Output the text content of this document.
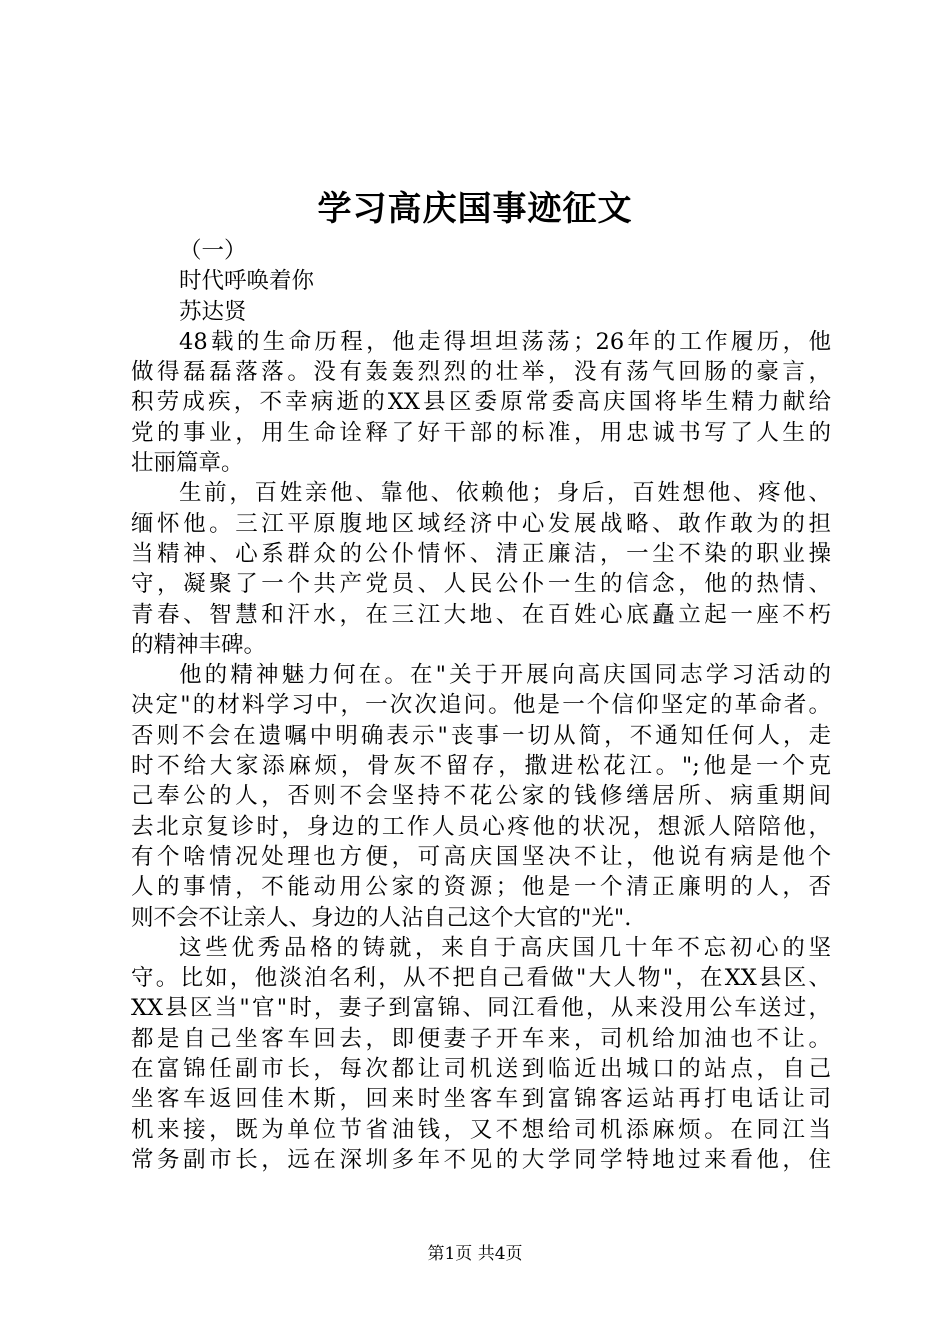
学习高庆国事迹征文
（一）
时代呼唤着你
苏达贤
48载的生命历程，他走得坦坦荡荡；26年的工作履历，他
做得磊磊落落。没有轰轰烈烈的壮举，没有荡气回肠的豪言，
积劳成疾，不幸病逝的XX县区委原常委高庆国将毕生精力献给
党的事业，用生命诠释了好干部的标准，用忠诚书写了人生的
壮丽篇章。
生前，百姓亲他、靠他、依赖他；身后，百姓想他、疼他、
缅怀他。三江平原腹地区域经济中心发展战略、敢作敢为的担
当精神、心系群众的公仆情怀、清正廉洁，一尘不染的职业操
守，凝聚了一个共产党员、人民公仆一生的信念，他的热情、
青春、智慧和汗水，在三江大地、在百姓心底矗立起一座不朽
的精神丰碑。
他的精神魅力何在。在"关于开展向高庆国同志学习活动的
决定"的材料学习中，一次次追问。他是一个信仰坚定的革命者。
否则不会在遗嘱中明确表示"丧事一切从简，不通知任何人，走
时不给大家添麻烦，骨灰不留存，撒进松花江。";他是一个克
己奉公的人，否则不会坚持不花公家的钱修缮居所、病重期间
去北京复诊时，身边的工作人员心疼他的状况，想派人陪陪他，
有个啥情况处理也方便，可高庆国坚决不让，他说有病是他个
人的事情，不能动用公家的资源；他是一个清正廉明的人，否
则不会不让亲人、身边的人沾自己这个大官的"光".
这些优秀品格的铸就，来自于高庆国几十年不忘初心的坚
守。比如，他淡泊名利，从不把自己看做"大人物"，在XX县区、
XX县区当"官"时，妻子到富锦、同江看他，从来没用公车送过，
都是自己坐客车回去，即便妻子开车来，司机给加油也不让。
在富锦任副市长，每次都让司机送到临近出城口的站点，自己
坐客车返回佳木斯，回来时坐客车到富锦客运站再打电话让司
机来接，既为单位节省油钱，又不想给司机添麻烦。在同江当
常务副市长，远在深圳多年不见的大学同学特地过来看他，住
第1页 共4页
